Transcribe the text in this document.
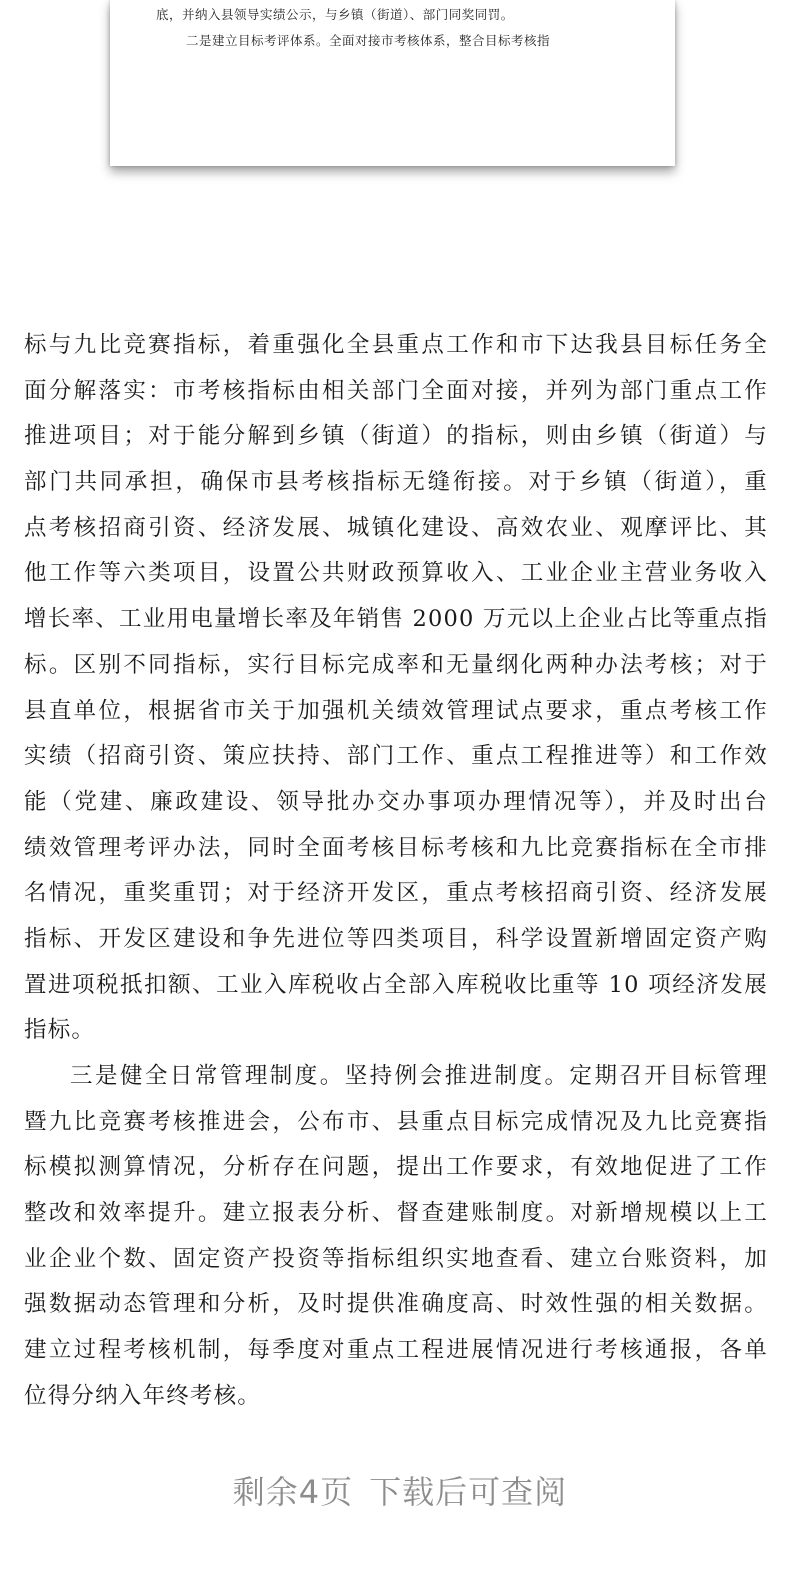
底，并纳入县领导实绩公示，与乡镇（街道）、部门同奖同罚。
二是建立目标考评体系。全面对接市考核体系，整合目标考核指
标与九比竞赛指标，着重强化全县重点工作和市下达我县目标任务全
面分解落实：市考核指标由相关部门全面对接，并列为部门重点工作
推进项目；对于能分解到乡镇（街道）的指标，则由乡镇（街道）与
部门共同承担，确保市县考核指标无缝衔接。对于乡镇（街道），重
点考核招商引资、经济发展、城镇化建设、高效农业、观摩评比、其
他工作等六类项目，设置公共财政预算收入、工业企业主营业务收入
增长率、工业用电量增长率及年销售 2000 万元以上企业占比等重点指
标。区别不同指标，实行目标完成率和无量纲化两种办法考核；对于
县直单位，根据省市关于加强机关绩效管理试点要求，重点考核工作
实绩（招商引资、策应扶持、部门工作、重点工程推进等）和工作效
能（党建、廉政建设、领导批办交办事项办理情况等），并及时出台
绩效管理考评办法，同时全面考核目标考核和九比竞赛指标在全市排
名情况，重奖重罚；对于经济开发区，重点考核招商引资、经济发展
指标、开发区建设和争先进位等四类项目，科学设置新增固定资产购
置进项税抵扣额、工业入库税收占全部入库税收比重等 10 项经济发展
指标。
三是健全日常管理制度。坚持例会推进制度。定期召开目标管理
暨九比竞赛考核推进会，公布市、县重点目标完成情况及九比竞赛指
标模拟测算情况，分析存在问题，提出工作要求，有效地促进了工作
整改和效率提升。建立报表分析、督查建账制度。对新增规模以上工
业企业个数、固定资产投资等指标组织实地查看、建立台账资料，加
强数据动态管理和分析，及时提供准确度高、时效性强的相关数据。
建立过程考核机制，每季度对重点工程进展情况进行考核通报，各单
位得分纳入年终考核。
剩余4页 下载后可查阅
